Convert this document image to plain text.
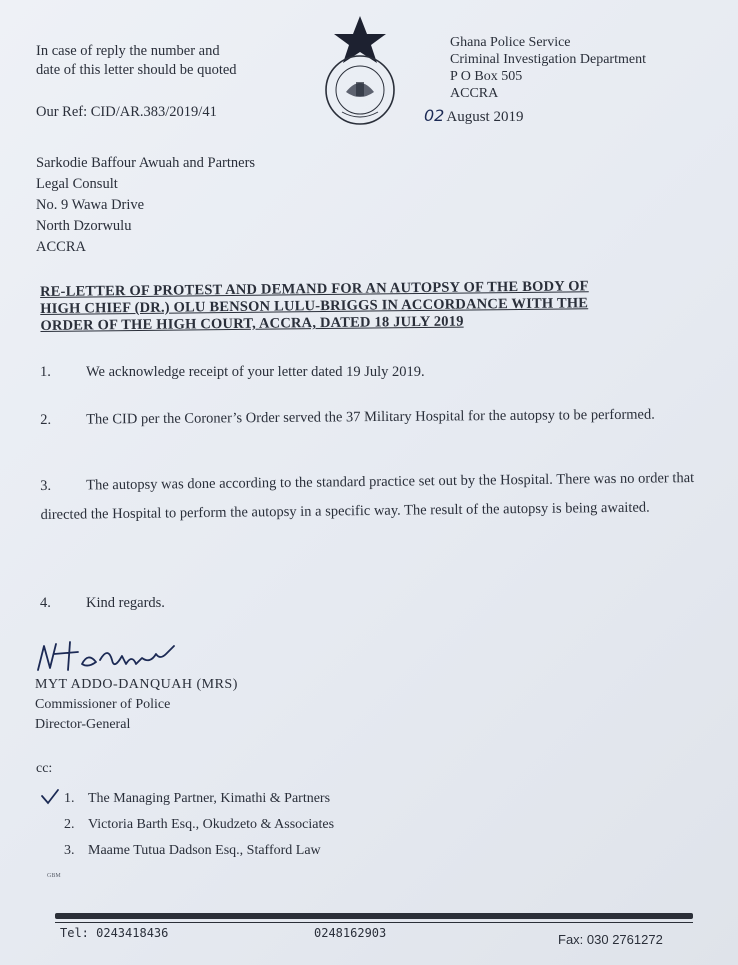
In case of reply the number and
date of this letter should be quoted
Our Ref: CID/AR.383/2019/41
Ghana Police Service
Criminal Investigation Department
P O Box 505
ACCRA
02 August 2019
Sarkodie Baffour Awuah and Partners
Legal Consult
No. 9 Wawa Drive
North Dzorwulu
ACCRA
RE-LETTER OF PROTEST AND DEMAND FOR AN AUTOPSY OF THE BODY OF HIGH CHIEF (DR.) OLU BENSON LULU-BRIGGS IN ACCORDANCE WITH THE ORDER OF THE HIGH COURT, ACCRA, DATED 18 JULY 2019
1. We acknowledge receipt of your letter dated 19 July 2019.
2. The CID per the Coroner’s Order served the 37 Military Hospital for the autopsy to be performed.
3. The autopsy was done according to the standard practice set out by the Hospital. There was no order that directed the Hospital to perform the autopsy in a specific way. The result of the autopsy is being awaited.
4. Kind regards.
MYT ADDO-DANQUAH (MRS)
Commissioner of Police
Director-General
cc:
1. The Managing Partner, Kimathi & Partners
2. Victoria Barth Esq., Okudzeto & Associates
3. Maame Tutua Dadson Esq., Stafford Law
GBM
Tel: 0243418436	0248162903	Fax: 030 2761272
